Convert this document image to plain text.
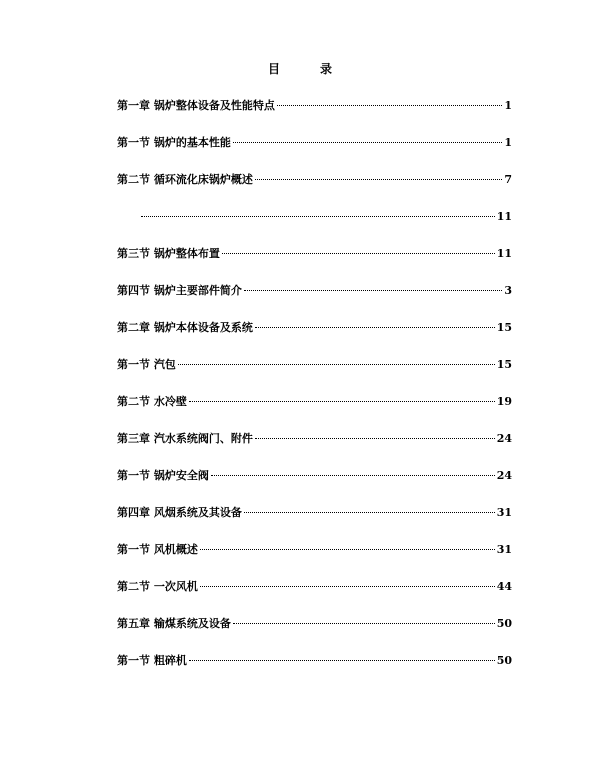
目　录
第一章 锅炉整体设备及性能特点	1
第一节 锅炉的基本性能	1
第二节 循环流化床锅炉概述	7
11
第三节 锅炉整体布置	11
第四节 锅炉主要部件简介	3
第二章 锅炉本体设备及系统	15
第一节 汽包	15
第二节 水冷壁	19
第三章 汽水系统阀门、附件	24
第一节 锅炉安全阀	24
第四章 风烟系统及其设备	31
第一节 风机概述	31
第二节 一次风机	44
第五章 输煤系统及设备	50
第一节 粗碎机	50
